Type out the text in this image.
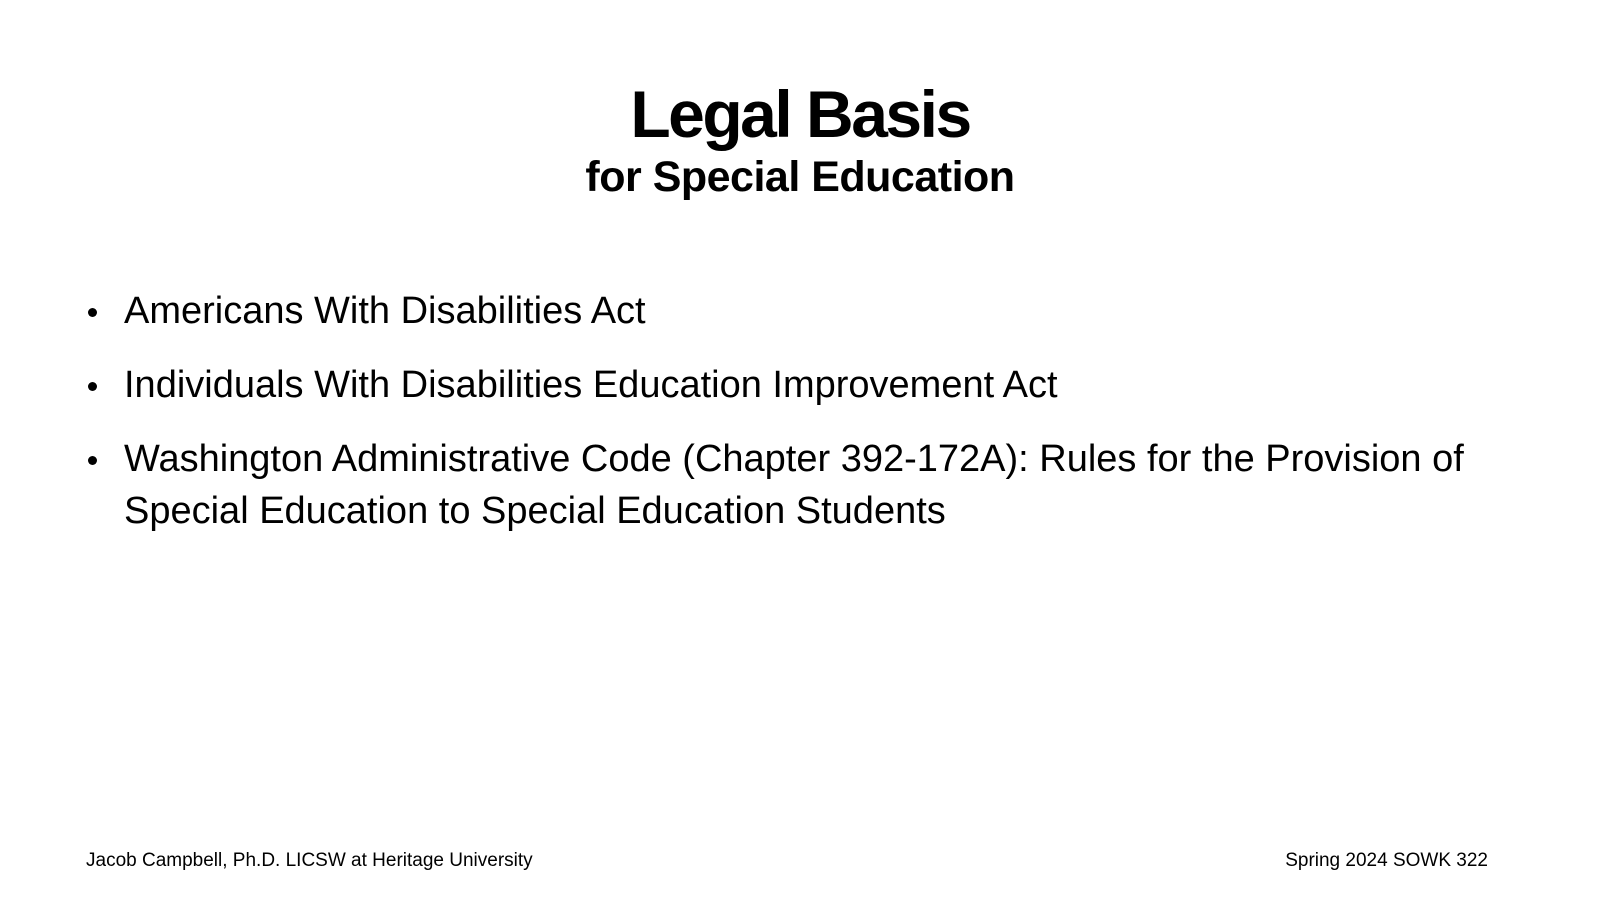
Legal Basis
for Special Education
Americans With Disabilities Act
Individuals With Disabilities Education Improvement Act
Washington Administrative Code (Chapter 392-172A): Rules for the Provision of Special Education to Special Education Students
Jacob Campbell, Ph.D. LICSW at Heritage University	Spring 2024 SOWK 322
